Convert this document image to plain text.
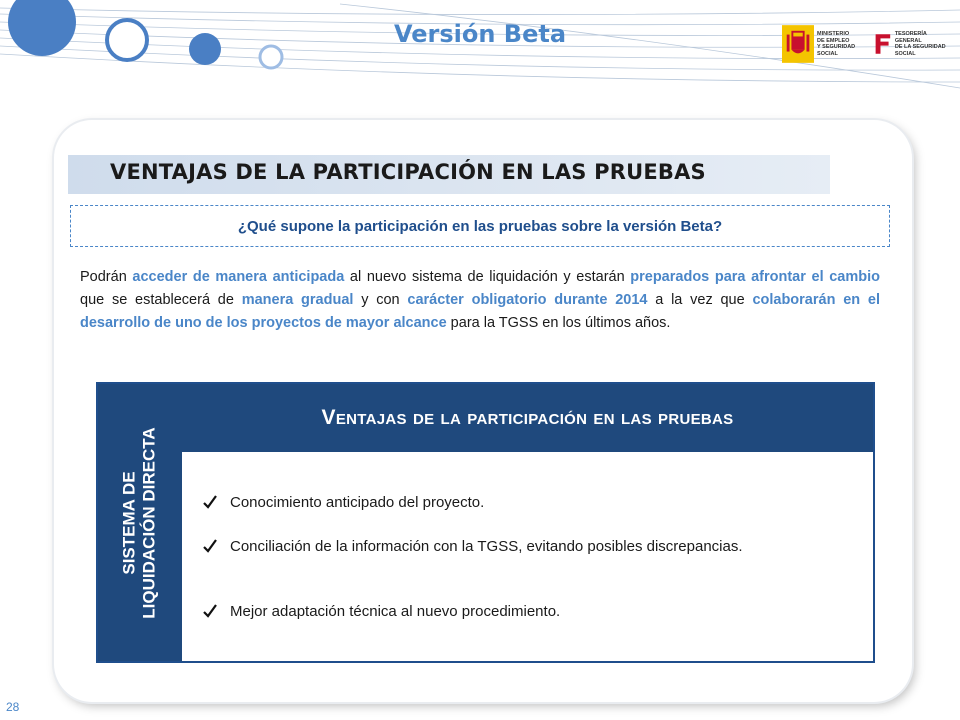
Versión Beta	MINISTERIO
DE EMPLEO
Y SEGURIDAD SOCIAL
TESORERÍA GENERAL
DE LA SEGURIDAD SOCIAL
VENTAJAS DE LA PARTICIPACIÓN EN LAS PRUEBAS
¿Qué supone la participación en las pruebas sobre la versión Beta?
Podrán acceder de manera anticipada al nuevo sistema de liquidación y estarán preparados para afrontar el cambio que se establecerá de manera gradual y con carácter obligatorio durante 2014 a la vez que colaborarán en el desarrollo de uno de los proyectos de mayor alcance para la TGSS en los últimos años.
SISTEMA DE LIQUIDACIÓN DIRECTA
Ventajas de la participación en las pruebas
Conocimiento anticipado del proyecto.
Conciliación de la información con la TGSS, evitando posibles discrepancias.
Mejor adaptación técnica al nuevo procedimiento.
28
